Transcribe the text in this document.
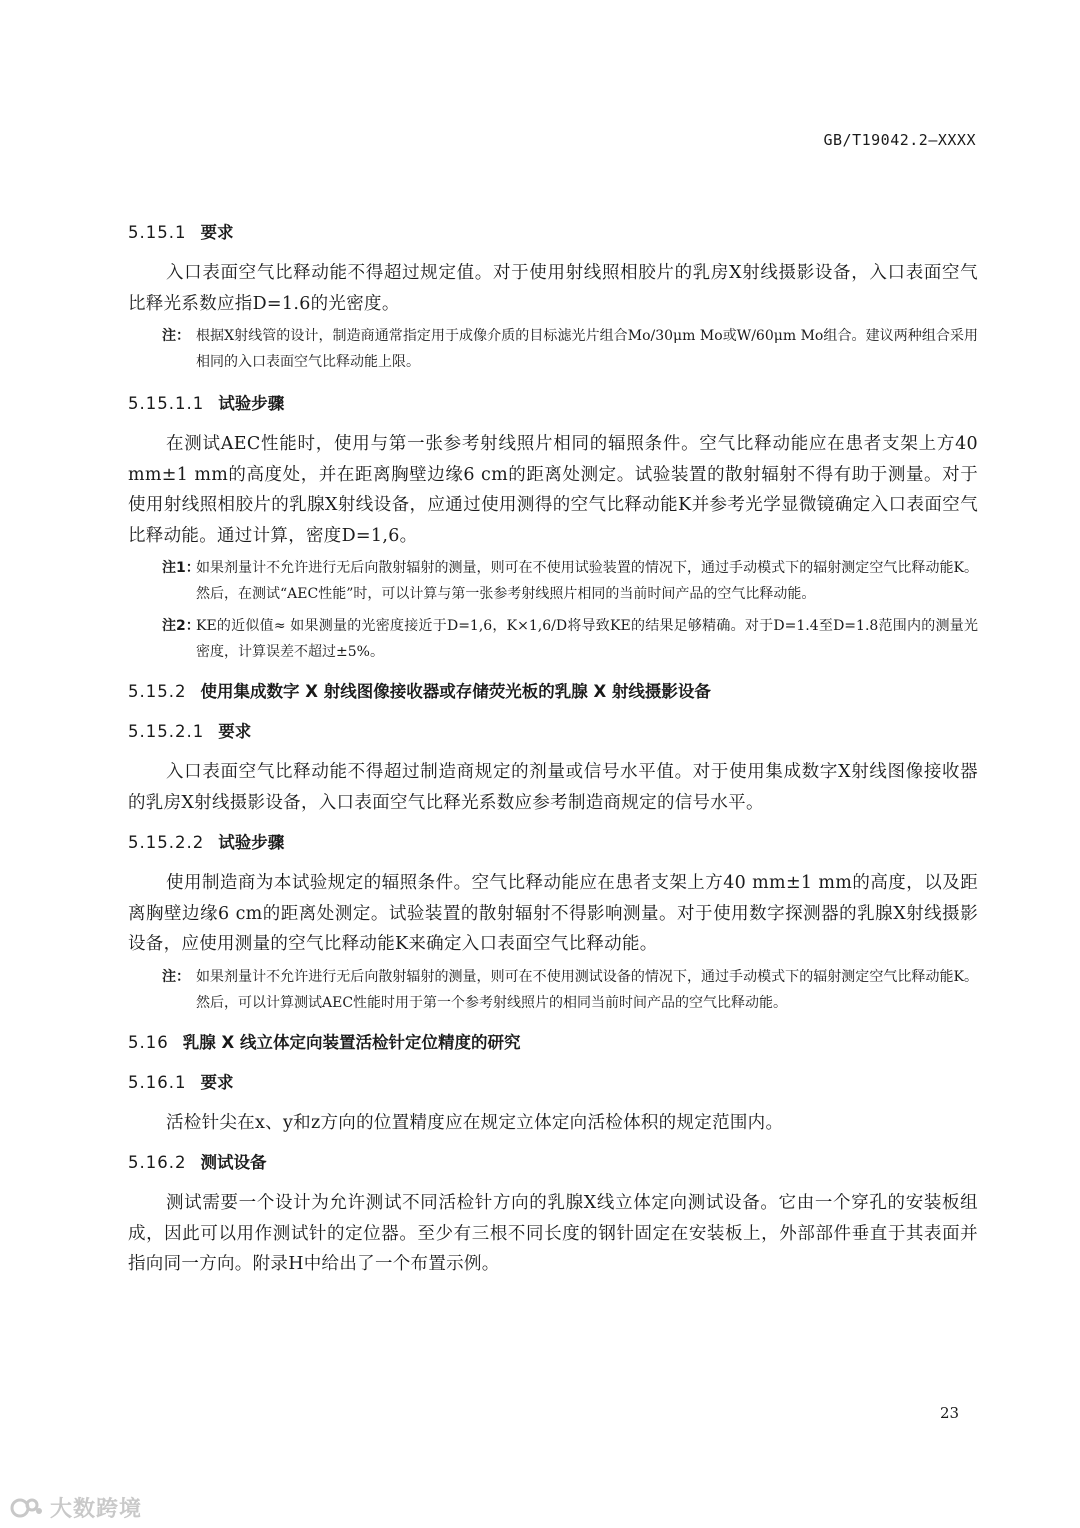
GB/T19042.2—XXXX
5.15.1 要求

入口表面空气比释动能不得超过规定值。对于使用射线照相胶片的乳房X射线摄影设备，入口表面空气比释光系数应指D=1.6的光密度。

注： 根据X射线管的设计，制造商通常指定用于成像介质的目标滤光片组合Mo/30μm Mo或W/60μm Mo组合。建议两种组合采用相同的入口表面空气比释动能上限。
5.15.1.1 试验步骤

在测试AEC性能时，使用与第一张参考射线照片相同的辐照条件。空气比释动能应在患者支架上方40 mm±1 mm的高度处，并在距离胸壁边缘6 cm的距离处测定。试验装置的散射辐射不得有助于测量。对于使用射线照相胶片的乳腺X射线设备，应通过使用测得的空气比释动能K并参考光学显微镜确定入口表面空气比释动能。通过计算，密度D=1,6。

注1：
如果剂量计不允许进行无后向散射辐射的测量，则可在不使用试验装置的情况下，通过手动模式下的辐射测定空气比释动能K。然后，在测试“AEC性能”时，可以计算与第一张参考射线照片相同的当前时间产品的空气比释动能。
注2：
KE的近似值≈ 如果测量的光密度接近于D=1,6，K×1,6/D将导致KE的结果足够精确。对于D=1.4至D=1.8范围内的测量光密度，计算误差不超过±5%。
5.15.2 使用集成数字 X 射线图像接收器或存储荧光板的乳腺 X 射线摄影设备
5.15.2.1 要求

入口表面空气比释动能不得超过制造商规定的剂量或信号水平值。对于使用集成数字X射线图像接收器的乳房X射线摄影设备，入口表面空气比释光系数应参考制造商规定的信号水平。

5.15.2.2 试验步骤

使用制造商为本试验规定的辐照条件。空气比释动能应在患者支架上方40 mm±1 mm的高度，以及距离胸壁边缘6 cm的距离处测定。试验装置的散射辐射不得影响测量。对于使用数字探测器的乳腺X射线摄影设备，应使用测量的空气比释动能K来确定入口表面空气比释动能。

注： 如果剂量计不允许进行无后向散射辐射的测量，则可在不使用测试设备的情况下，通过手动模式下的辐射测定空气比释动能K。然后，可以计算测试AEC性能时用于第一个参考射线照片的相同当前时间产品的空气比释动能。
5.16 乳腺 X 线立体定向装置活检针定位精度的研究
5.16.1 要求

活检针尖在x、y和z方向的位置精度应在规定立体定向活检体积的规定范围内。

5.16.2 测试设备

测试需要一个设计为允许测试不同活检针方向的乳腺X线立体定向测试设备。它由一个穿孔的安装板组成，因此可以用作测试针的定位器。至少有三根不同长度的钢针固定在安装板上，外部部件垂直于其表面并指向同一方向。附录H中给出了一个布置示例。

23
大数跨境
